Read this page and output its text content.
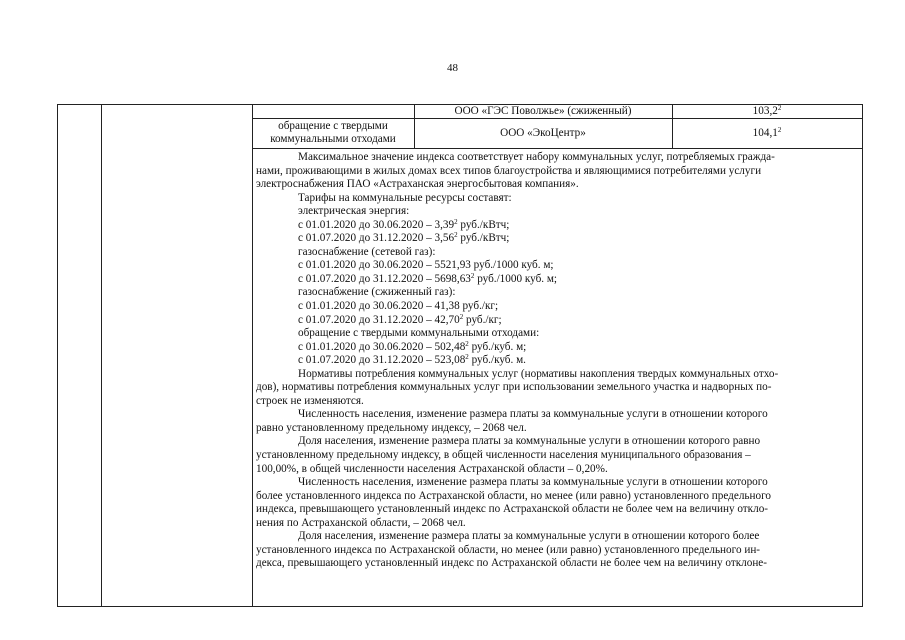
48
ООО «ГЭС Поволжье» (сжиженный)	103,2$^2$
обращение с твердыми
коммунальными отходами	ООО «ЭкоЦентр»	104,1$^2$

Максимальное значение индекса соответствует набору коммунальных услуг, потребляемых гражда-

нами, проживающими в жилых домах всех типов благоустройства и являющимися потребителями услуги

электроснабжения ПАО «Астраханская энергосбытовая компания».

Тарифы на коммунальные ресурсы составят:

электрическая энергия:

с 01.01.2020 до 30.06.2020 – 3,39$^2$ руб./кВтч;

с 01.07.2020 до 31.12.2020 – 3,56$^2$ руб./кВтч;

газоснабжение (сетевой газ):

с 01.01.2020 до 30.06.2020 – 5521,93 руб./1000 куб. м;

с 01.07.2020 до 31.12.2020 – 5698,63$^2$ руб./1000 куб. м;

газоснабжение (сжиженный газ):

с 01.01.2020 до 30.06.2020 – 41,38 руб./кг;

с 01.07.2020 до 31.12.2020 – 42,70$^2$ руб./кг;

обращение с твердыми коммунальными отходами:

с 01.01.2020 до 30.06.2020 – 502,48$^2$ руб./куб. м;

с 01.07.2020 до 31.12.2020 – 523,08$^2$ руб./куб. м.

Нормативы потребления коммунальных услуг (нормативы накопления твердых коммунальных отхо-

дов), нормативы потребления коммунальных услуг при использовании земельного участка и надворных по-

строек не изменяются.

Численность населения, изменение размера платы за коммунальные услуги в отношении которого

равно установленному предельному индексу, – 2068 чел.

Доля населения, изменение размера платы за коммунальные услуги в отношении которого равно

установленному предельному индексу, в общей численности населения муниципального образования –

100,00%, в общей численности населения Астраханской области – 0,20%.

Численность населения, изменение размера платы за коммунальные услуги в отношении которого

более установленного индекса по Астраханской области, но менее (или равно) установленного предельного

индекса, превышающего установленный индекс по Астраханской области не более чем на величину откло-

нения по Астраханской области, – 2068 чел.

Доля населения, изменение размера платы за коммунальные услуги в отношении которого более

установленного индекса по Астраханской области, но менее (или равно) установленного предельного ин-

декса, превышающего установленный индекс по Астраханской области не более чем на величину отклоне-
